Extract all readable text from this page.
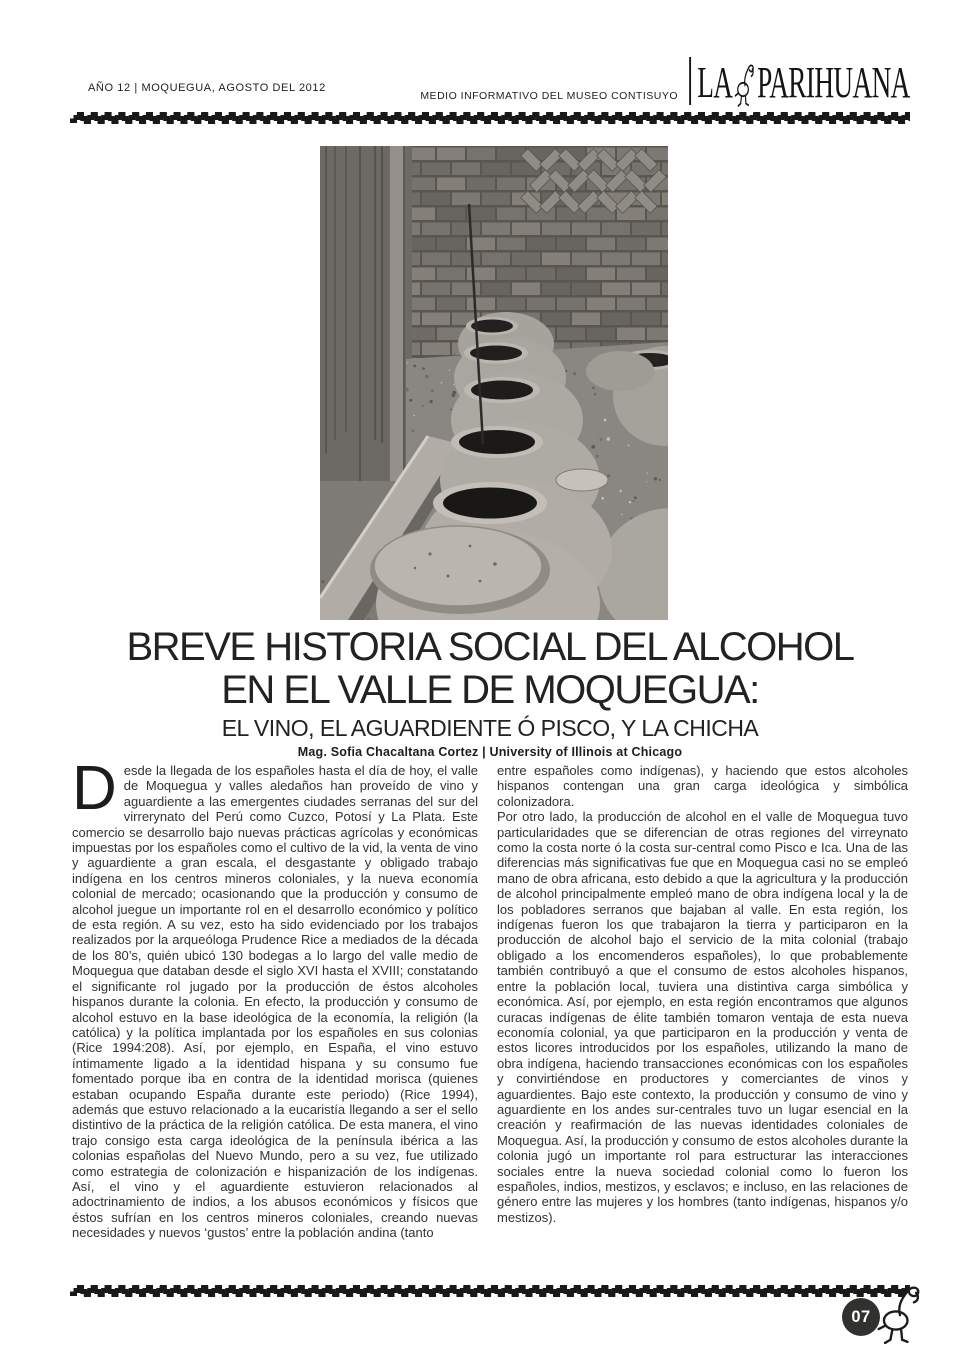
AÑO 12 | MOQUEGUA, AGOSTO DEL 2012
MEDIO INFORMATIVO DEL MUSEO CONTISUYO LA PARIHUANA
BREVE HISTORIA SOCIAL DEL ALCOHOL
EN EL VALLE DE MOQUEGUA:
EL VINO, EL AGUARDIENTE Ó PISCO, Y LA CHICHA
Mag. Sofia Chacaltana Cortez | University of Illinois at Chicago

Desde la llegada de los españoles hasta el día de hoy, el valle de Moquegua y valles aledaños han proveído de vino y aguardiente a las emergentes ciudades serranas del sur del virrerynato del Perú como Cuzco, Potosí y La Plata. Este comercio se desarrollo bajo nuevas prácticas agrícolas y económicas impuestas por los españoles como el cultivo de la vid, la venta de vino y aguardiente a gran escala, el desgastante y obligado trabajo indígena en los centros mineros coloniales, y la nueva economía colonial de mercado; ocasionando que la producción y consumo de alcohol juegue un importante rol en el desarrollo económico y político de esta región. A su vez, esto ha sido evidenciado por los trabajos realizados por la arqueóloga Prudence Rice a mediados de la década de los 80’s, quién ubicó 130 bodegas a lo largo del valle medio de Moquegua que databan desde el siglo XVI hasta el XVIII; constatando el significante rol jugado por la producción de éstos alcoholes hispanos durante la colonia. En efecto, la producción y consumo de alcohol estuvo en la base ideológica de la economía, la religión (la católica) y la política implantada por los españoles en sus colonias (Rice 1994:208). Así, por ejemplo, en España, el vino estuvo íntimamente ligado a la identidad hispana y su consumo fue fomentado porque iba en contra de la identidad morisca (quienes estaban ocupando España durante este periodo) (Rice 1994), además que estuvo relacionado a la eucaristía llegando a ser el sello distintivo de la práctica de la religión católica. De esta manera, el vino trajo consigo esta carga ideológica de la península ibérica a las colonias españolas del Nuevo Mundo, pero a su vez, fue utilizado como estrategia de colonización e hispanización de los indígenas. Así, el vino y el aguardiente estuvieron relacionados al adoctrinamiento de indios, a los abusos económicos y físicos que éstos sufrían en los centros mineros coloniales, creando nuevas necesidades y nuevos ‘gustos’ entre la población andina (tanto

entre españoles como indígenas), y haciendo que estos alcoholes hispanos contengan una gran carga ideológica y simbólica colonizadora.

Por otro lado, la producción de alcohol en el valle de Moquegua tuvo particularidades que se diferencian de otras regiones del virreynato como la costa norte ó la costa sur-central como Pisco e Ica. Una de las diferencias más significativas fue que en Moquegua casi no se empleó mano de obra africana, esto debido a que la agricultura y la producción de alcohol principalmente empleó mano de obra indígena local y la de los pobladores serranos que bajaban al valle. En esta región, los indígenas fueron los que trabajaron la tierra y participaron en la producción de alcohol bajo el servicio de la mita colonial (trabajo obligado a los encomenderos españoles), lo que probablemente también contribuyó a que el consumo de estos alcoholes hispanos, entre la población local, tuviera una distintiva carga simbólica y económica. Así, por ejemplo, en esta región encontramos que algunos curacas indígenas de élite también tomaron ventaja de esta nueva economía colonial, ya que participaron en la producción y venta de estos licores introducidos por los españoles, utilizando la mano de obra indígena, haciendo transacciones económicas con los españoles y convirtiéndose en productores y comerciantes de vinos y aguardientes. Bajo este contexto, la producción y consumo de vino y aguardiente en los andes sur-centrales tuvo un lugar esencial en la creación y reafirmación de las nuevas identidades coloniales de Moquegua. Así, la producción y consumo de estos alcoholes durante la colonia jugó un importante rol para estructurar las interacciones sociales entre la nueva sociedad colonial como lo fueron los españoles, indios, mestizos, y esclavos; e incluso, en las relaciones de género entre las mujeres y los hombres (tanto indígenas, hispanos y/o mestizos).

07
